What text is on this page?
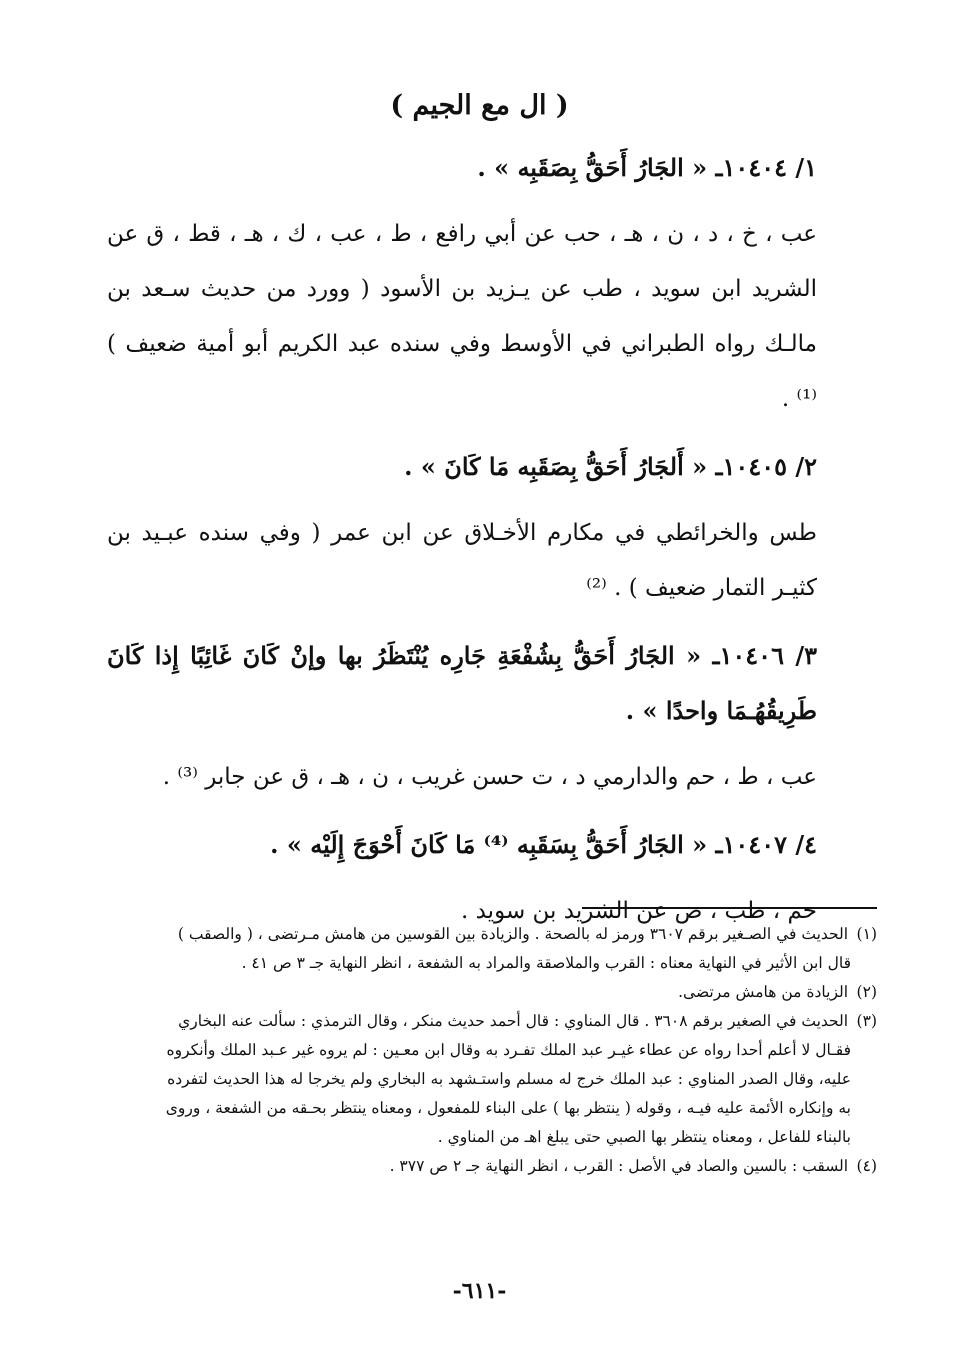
( ال مع الجيم )

١/ ١٠٤٠٤ـ « الجَارُ أَحَقُّ بِصَقَبِه » .

عب ، خ ، د ، ن ، هـ ، حب عن أبي رافع ، ط ، عب ، ك ، هـ ، قط ، ق عن الشريد ابن سويد ، طب عن يـزيد بن الأسود ( وورد من حديث سـعد بن مالـك رواه الطبراني في الأوسط وفي سنده عبد الكريم أبو أمية ضعيف ) ⁽¹⁾ .

٢/ ١٠٤٠٥ـ « أَلجَارُ أَحَقُّ بِصَقَبِه مَا كَانَ » .

طس والخرائطي في مكارم الأخـلاق عن ابن عمر ( وفي سنده عبـيد بن كثيـر التمار ضعيف ) . ⁽²⁾

٣/ ١٠٤٠٦ـ « الجَارُ أَحَقُّ بِشُفْعَةِ جَارِه يُنْتَظَرُ بها وإنْ كَانَ غَائِبًا إِذا كَانَ طَرِيقُهُـمَا واحدًا » .

عب ، ط ، حم والدارمي د ، ت حسن غريب ، ن ، هـ ، ق عن جابر ⁽³⁾ .

٤/ ١٠٤٠٧ـ « الجَارُ أَحَقُّ بِسَقَبِه ⁽⁴⁾ مَا كَانَ أَحْوَجَ إِلَيْه » .

حم ، طب ، ض عن الشريد بن سويد .

(١) الحديث في الصـغير برقم ٣٦٠٧ ورمز له بالصحة . والزيادة بين القوسين من هامش مـرتضى ، ( والصقب )

قال ابن الأثير في النهاية معناه : القرب والملاصقة والمراد به الشفعة ، انظر النهاية جـ ٣ ص ٤١ .

(٢) الزيادة من هامش مرتضى.

(٣) الحديث في الصغير برقم ٣٦٠٨ . قال المناوي : قال أحمد حديث منكر ، وقال الترمذي : سألت عنه البخاري

فقـال لا أعلم أحدا رواه عن عطاء غيـر عبد الملك تفـرد به وقال ابن معـين : لم يروه غير عـبد الملك وأنكروه

عليه، وقال الصدر المناوي : عبد الملك خرج له مسلم واستـشهد به البخاري ولم يخرجا له هذا الحديث لتفرده

به وإنكاره الأئمة عليه فيـه ، وقوله ( ينتظر بها ) على البناء للمفعول ، ومعناه ينتظر بحـقه من الشفعة ، وروى

بالبناء للفاعل ، ومعناه ينتظر بها الصبي حتى يبلغ اهـ من المناوي .

(٤) السقب : بالسين والصاد في الأصل : القرب ، انظر النهاية جـ ٢ ص ٣٧٧ .

-٦١١-
